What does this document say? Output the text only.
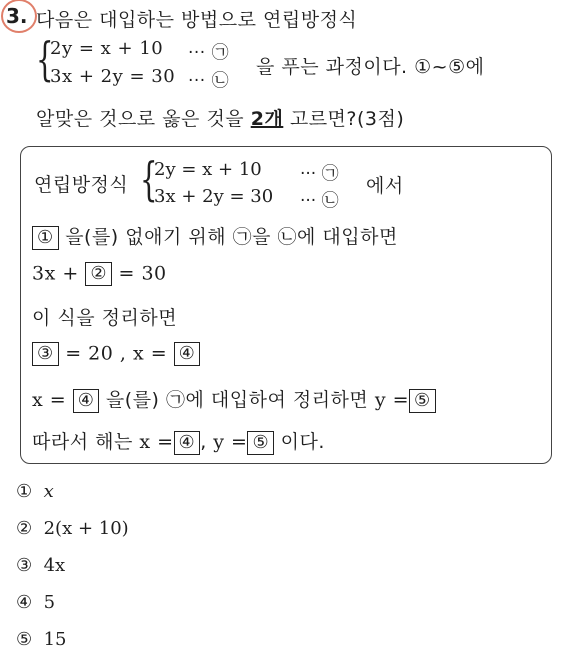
3. 다음은 대입하는 방법으로 연립방정식
{
2y = x + 10 ··· ㉠
3x + 2y = 30 ··· ㉡
을 푸는 과정이다. ①~⑤에
알맞은 것으로 옳은 것을 2개 고르면?(3점)
연립방정식 {
2y = x + 10 ··· ㉠
3x + 2y = 30 ··· ㉡
에서
① 을(를) 없애기 위해 ㉠을 ㉡에 대입하면
3x + ② = 30
이 식을 정리하면
③ = 20 , x = ④
x = ④ 을(를) ㉠에 대입하여 정리하면 y = ⑤
따라서 해는 x = ④ , y = ⑤ 이다.
① x
② 2(x + 10)
③ 4x
④ 5
⑤ 15
